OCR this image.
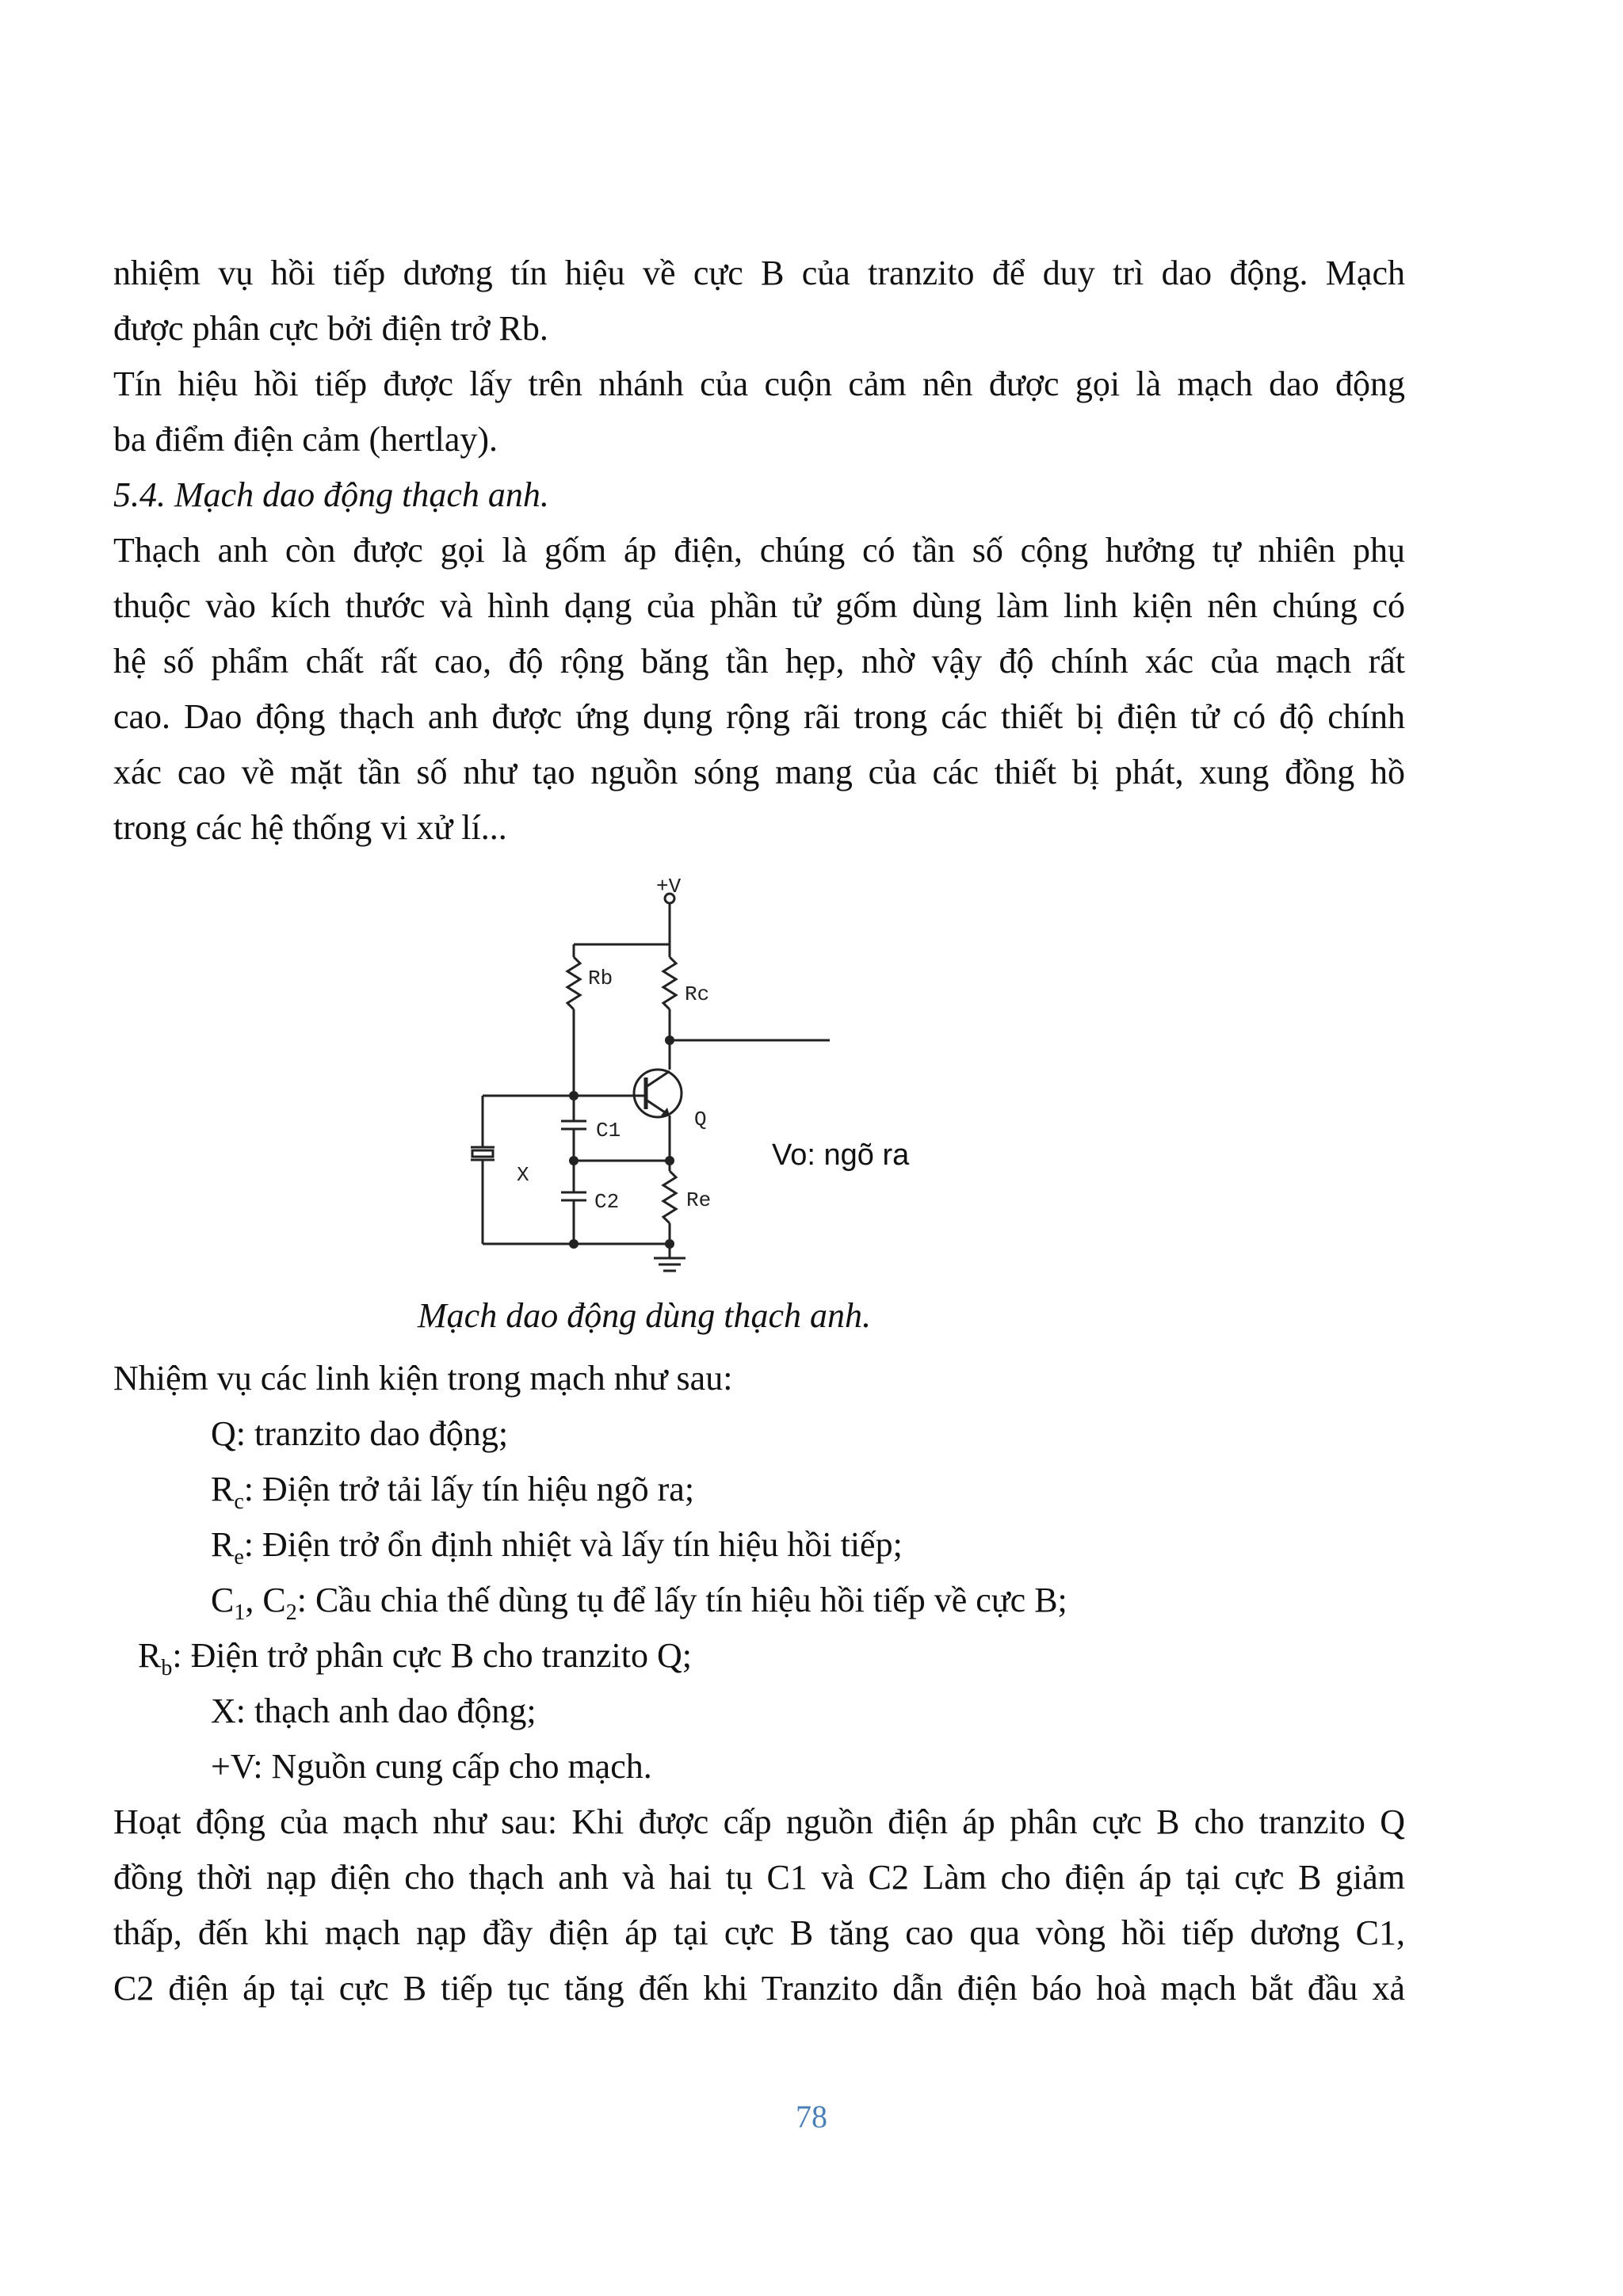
nhiệm vụ hồi tiếp dương tín hiệu về cực B của tranzito để duy trì dao động. Mạch
được phân cực bởi điện trở Rb.
Tín hiệu hồi tiếp được lấy trên nhánh của cuộn cảm nên được gọi là mạch dao động
ba điểm điện cảm (hertlay).
5.4. Mạch dao động thạch anh.
Thạch anh còn được gọi là gốm áp điện, chúng có tần số cộng hưởng tự nhiên phụ
thuộc vào kích thước và hình dạng của phần tử gốm dùng làm linh kiện nên chúng có
hệ số phẩm chất rất cao, độ rộng băng tần hẹp, nhờ vậy độ chính xác của mạch rất
cao. Dao động thạch anh được ứng dụng rộng rãi trong các thiết bị điện tử có độ chính
xác cao về mặt tần số như tạo nguồn sóng mang của các thiết bị phát, xung đồng hồ
trong các hệ thống vi xử lí...
+V
Rb
Rc
Q
X
C1
C2	Re
Vo: ngõ ra
Mạch dao động dùng thạch anh.
Nhiệm vụ các linh kiện trong mạch như sau:
Q: tranzito dao động;
$R_c$: Điện trở tải lấy tín hiệu ngõ ra;
$R_e$: Điện trở ổn định nhiệt và lấy tín hiệu hồi tiếp;
$C_1$, $C_2$: Cầu chia thế dùng tụ để lấy tín hiệu hồi tiếp về cực B;
$R_b$: Điện trở phân cực B cho tranzito Q;
X: thạch anh dao động;
+V: Nguồn cung cấp cho mạch.
Hoạt động của mạch như sau: Khi được cấp nguồn điện áp phân cực B cho tranzito Q
đồng thời nạp điện cho thạch anh và hai tụ C1 và C2 Làm cho điện áp tại cực B giảm
thấp, đến khi mạch nạp đầy điện áp tại cực B tăng cao qua vòng hồi tiếp dương C1,
C2 điện áp tại cực B tiếp tục tăng đến khi Tranzito dẫn điện báo hoà mạch bắt đầu xả
78
